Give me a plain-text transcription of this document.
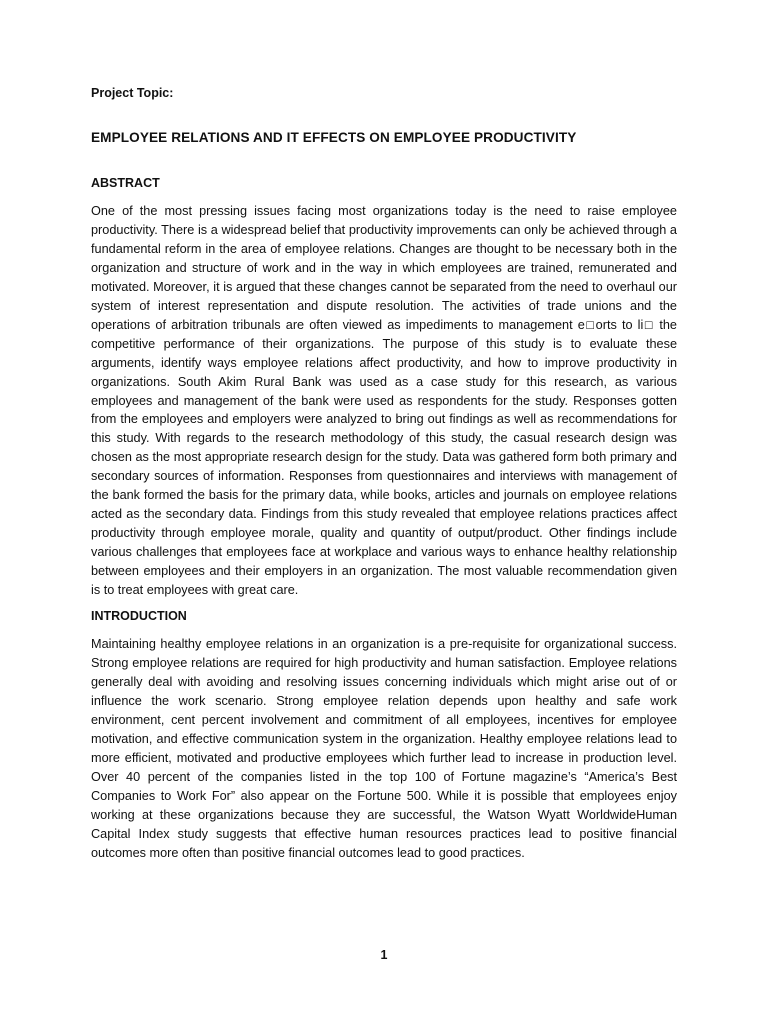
Project Topic:

EMPLOYEE RELATIONS AND IT EFFECTS ON EMPLOYEE PRODUCTIVITY
ABSTRACT

One of the most pressing issues facing most organizations today is the need to raise employee productivity. There is a widespread belief that productivity improvements can only be achieved through a fundamental reform in the area of employee relations. Changes are thought to be necessary both in the organization and structure of work and in the way in which employees are trained, remunerated and motivated. Moreover, it is argued that these changes cannot be separated from the need to overhaul our system of interest representation and dispute resolution. The activities of trade unions and the operations of arbitration tribunals are often viewed as impediments to management e□orts to li□ the competitive performance of their organizations. The purpose of this study is to evaluate these arguments, identify ways employee relations affect productivity, and how to improve productivity in organizations. South Akim Rural Bank was used as a case study for this research, as various employees and management of the bank were used as respondents for the study. Responses gotten from the employees and employers were analyzed to bring out findings as well as recommendations for this study. With regards to the research methodology of this study, the casual research design was chosen as the most appropriate research design for the study. Data was gathered form both primary and secondary sources of information. Responses from questionnaires and interviews with management of the bank formed the basis for the primary data, while books, articles and journals on employee relations acted as the secondary data. Findings from this study revealed that employee relations practices affect productivity through employee morale, quality and quantity of output/product. Other findings include various challenges that employees face at workplace and various ways to enhance healthy relationship between employees and their employers in an organization. The most valuable recommendation given is to treat employees with great care.

INTRODUCTION

Maintaining healthy employee relations in an organization is a pre-requisite for organizational success. Strong employee relations are required for high productivity and human satisfaction. Employee relations generally deal with avoiding and resolving issues concerning individuals which might arise out of or influence the work scenario. Strong employee relation depends upon healthy and safe work environment, cent percent involvement and commitment of all employees, incentives for employee motivation, and effective communication system in the organization. Healthy employee relations lead to more efficient, motivated and productive employees which further lead to increase in production level. Over 40 percent of the companies listed in the top 100 of Fortune magazine’s “America’s Best Companies to Work For” also appear on the Fortune 500. While it is possible that employees enjoy working at these organizations because they are successful, the Watson Wyatt WorldwideHuman Capital Index study suggests that effective human resources practices lead to positive financial outcomes more often than positive financial outcomes lead to good practices.

1
